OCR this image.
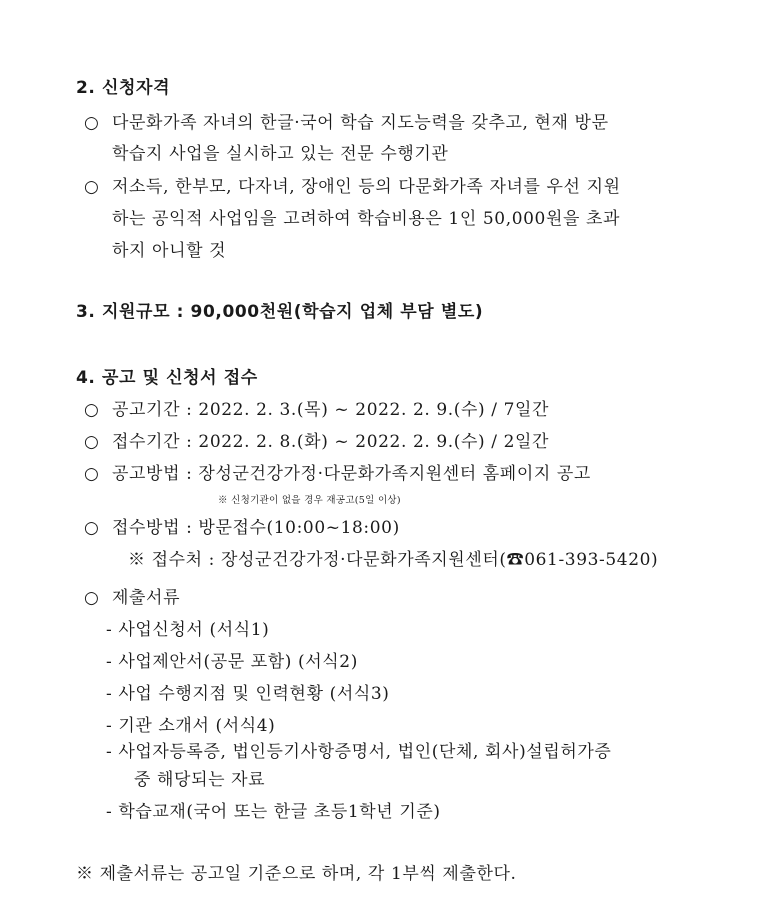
2. 신청자격
○ 다문화가족 자녀의 한글·국어 학습 지도능력을 갖추고, 현재 방문
학습지 사업을 실시하고 있는 전문 수행기관
○ 저소득, 한부모, 다자녀, 장애인 등의 다문화가족 자녀를 우선 지원
하는 공익적 사업임을 고려하여 학습비용은 1인 50,000원을 초과
하지 아니할 것
3. 지원규모 : 90,000천원(학습지 업체 부담 별도)
4. 공고 및 신청서 접수
○ 공고기간 : 2022. 2. 3.(목) ~ 2022. 2. 9.(수) / 7일간
○ 접수기간 : 2022. 2. 8.(화) ~ 2022. 2. 9.(수) / 2일간
○ 공고방법 : 장성군건강가정·다문화가족지원센터 홈페이지 공고
※ 신청기관이 없을 경우 재공고(5일 이상)
○ 접수방법 : 방문접수(10:00~18:00)
※ 접수처 : 장성군건강가정·다문화가족지원센터(☎061-393-5420)
○ 제출서류
- 사업신청서 (서식1)
- 사업제안서(공문 포함) (서식2)
- 사업 수행지점 및 인력현황 (서식3)
- 기관 소개서 (서식4)
- 사업자등록증, 법인등기사항증명서, 법인(단체, 회사)설립허가증
중 해당되는 자료
- 학습교재(국어 또는 한글 초등1학년 기준)
※ 제출서류는 공고일 기준으로 하며, 각 1부씩 제출한다.
